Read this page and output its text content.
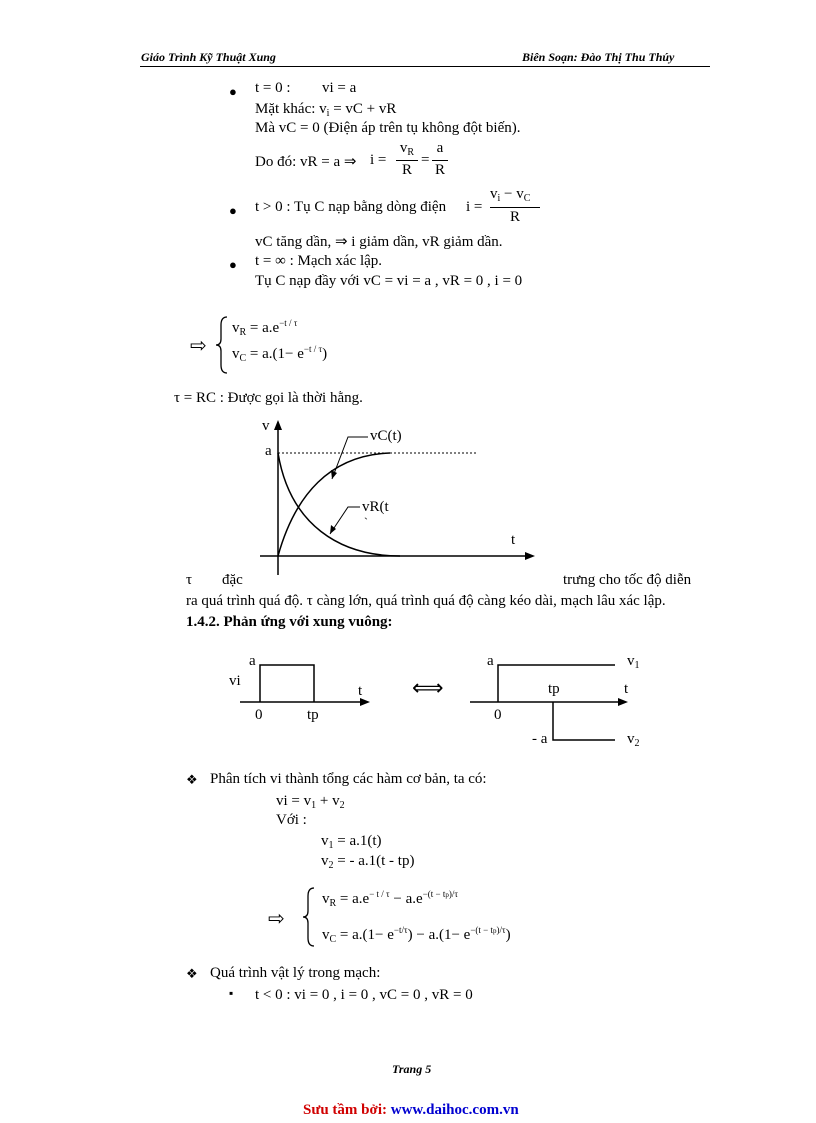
Giáo Trình Kỹ Thuật Xung	Biên Soạn: Đào Thị Thu Thúy
● t = 0 : vi = a
Mặt khác: $v_i$ = vC + vR
Mà vC = 0 (Điện áp trên tụ không đột biến).
Do đó: vR = a ⇒ i =
$v_R$
R
=
a
R
● t > 0 : Tụ C nạp bằng dòng điện i =
$v_i - v_C$
R
vC tăng dần, ⇒ i giảm dần, vR giảm dần.
● t = ∞ : Mạch xác lập.
Tụ C nạp đầy với vC = vi = a , vR = 0 , i = 0
⇨
$v_R = a.e^{-t / \tau}$
$v_C = a.(1- e^{-t / \tau})$
τ = RC : Được gọi là thời hằng.
v
a
t
vC(t)
vR(t
`
τ đặc	trưng cho tốc độ diễn
ra quá trình quá độ. τ càng lớn, quá trình quá độ càng kéo dài, mạch lâu xác lập.
1.4.2. Phản ứng với xung vuông:
a
vi
t
0	tp
⟺
a	$v_1$
tp	t
0
- a	$v_2$
❖ Phân tích vi thành tổng các hàm cơ bản, ta có:
vi = $v_1 + v_2$
Với :
$v_1 = a.1(t)$
$v_2$ = - a.1(t - tp)
⇨
$v_R = a.e^{- t / \tau} - a.e^{-(t - tp)/\tau}$
$v_C = a.(1- e^{-t/\tau}) - a.(1- e^{-(t - tp)/\tau})$
❖ Quá trình vật lý trong mạch:
▪ t < 0 : vi = 0 , i = 0 , vC = 0 , vR = 0
Trang 5
Sưu tầm bởi: www.daihoc.com.vn
